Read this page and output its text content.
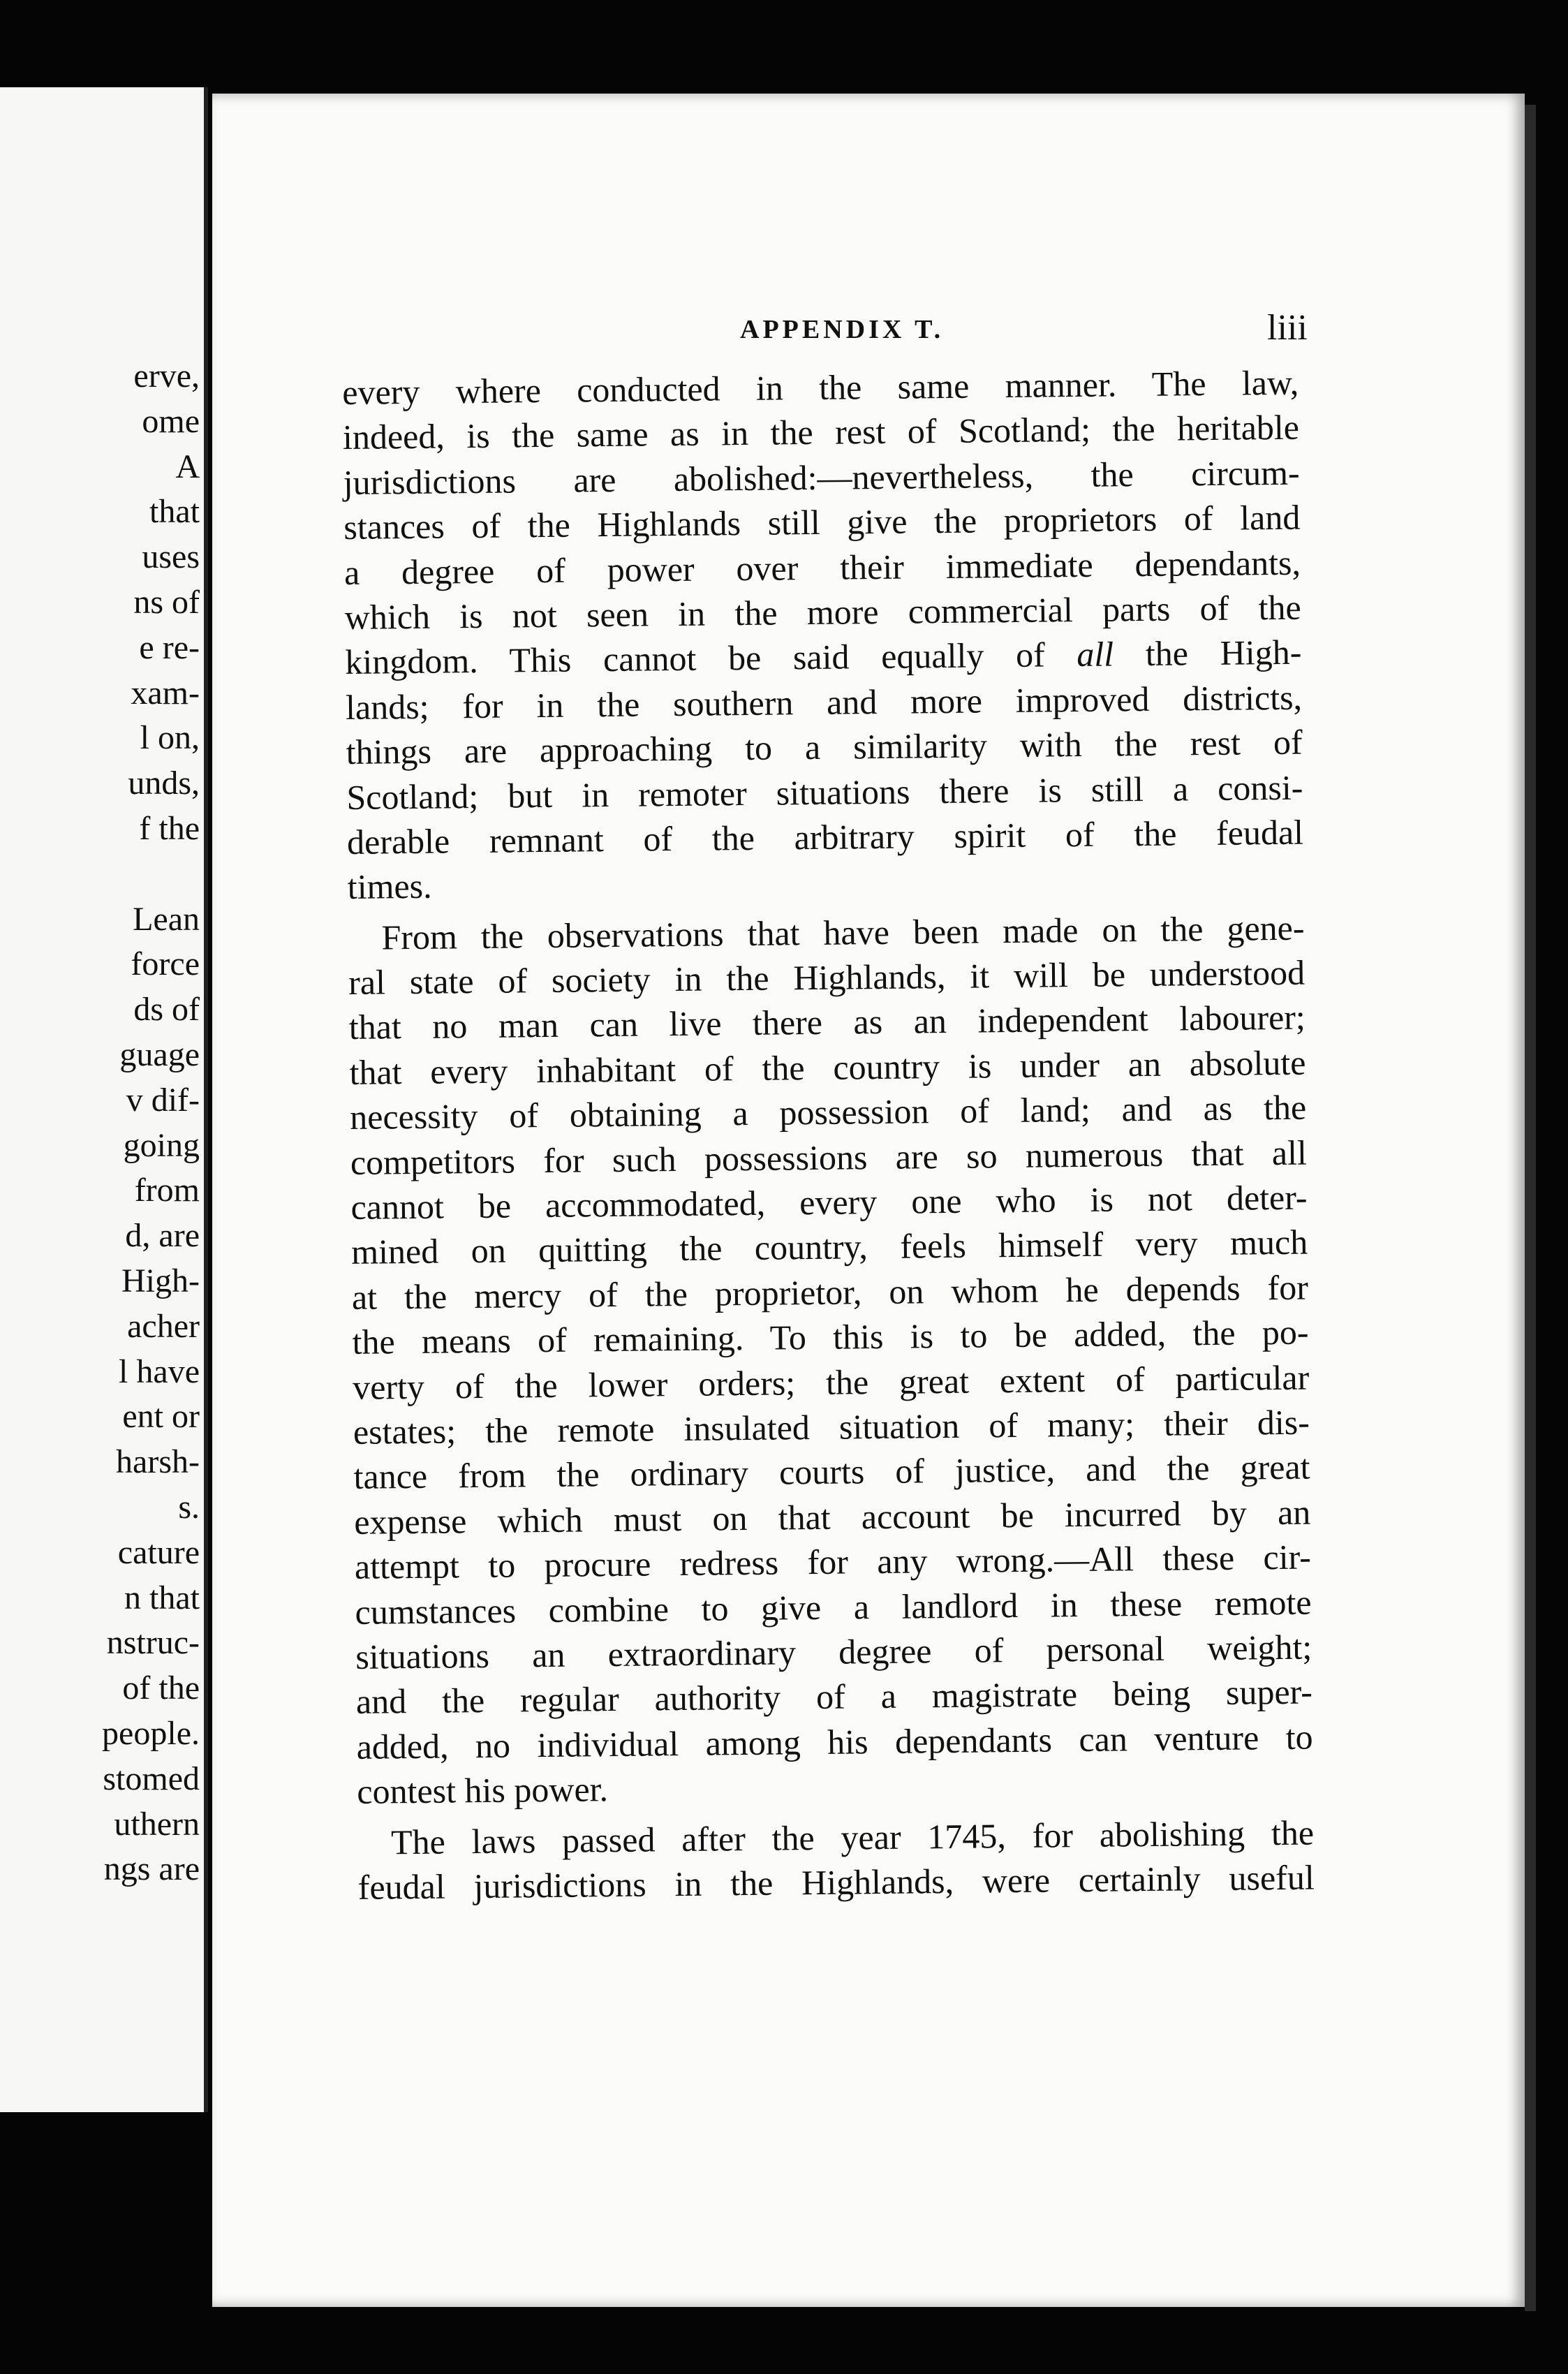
erve,
ome
A
that
uses
ns of
e re-
xam-
l on,
unds,
f the
Lean
force
ds of
guage
v dif-
going
from
d, are
High-
acher
l have
ent or
harsh-
s.
cature
n that
nstruc-
of the
people.
stomed
uthern
ngs are
APPENDIX T.	liii
every where conducted in the same manner. The law,
indeed, is the same as in the rest of Scotland; the heritable
jurisdictions are abolished:—nevertheless, the circum-
stances of the Highlands still give the proprietors of land
a degree of power over their immediate dependants,
which is not seen in the more commercial parts of the
kingdom. This cannot be said equally of all the High-
lands; for in the southern and more improved districts,
things are approaching to a similarity with the rest of
Scotland; but in remoter situations there is still a consi-
derable remnant of the arbitrary spirit of the feudal
times.
From the observations that have been made on the gene-
ral state of society in the Highlands, it will be understood
that no man can live there as an independent labourer;
that every inhabitant of the country is under an absolute
necessity of obtaining a possession of land; and as the
competitors for such possessions are so numerous that all
cannot be accommodated, every one who is not deter-
mined on quitting the country, feels himself very much
at the mercy of the proprietor, on whom he depends for
the means of remaining. To this is to be added, the po-
verty of the lower orders; the great extent of particular
estates; the remote insulated situation of many; their dis-
tance from the ordinary courts of justice, and the great
expense which must on that account be incurred by an
attempt to procure redress for any wrong.—All these cir-
cumstances combine to give a landlord in these remote
situations an extraordinary degree of personal weight;
and the regular authority of a magistrate being super-
added, no individual among his dependants can venture to
contest his power.
The laws passed after the year 1745, for abolishing the
feudal jurisdictions in the Highlands, were certainly useful
